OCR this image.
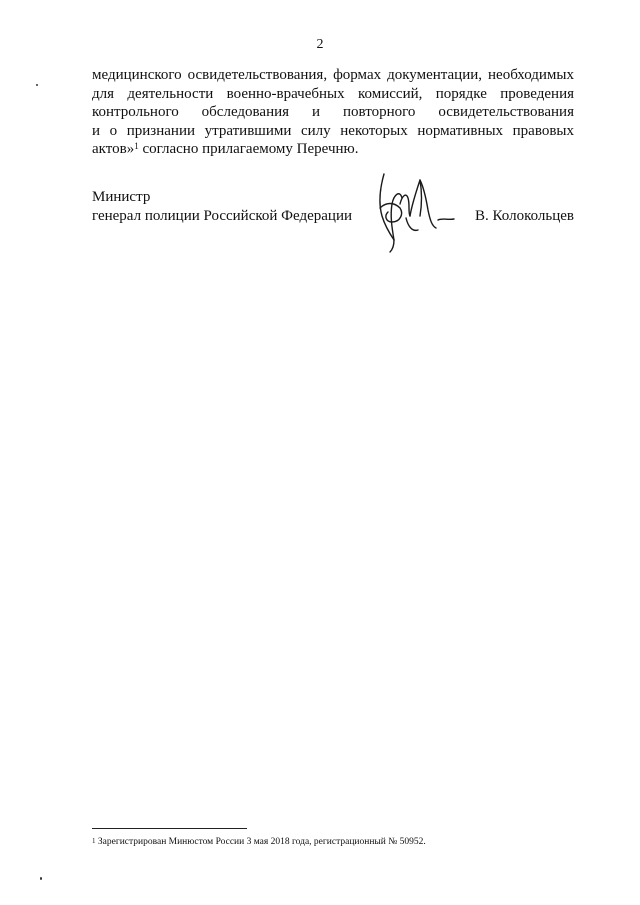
2
медицинского освидетельствования, формах документации, необходимых
для деятельности военно-врачебных комиссий, порядке проведения
контрольного обследования и повторного освидетельствования
и о признании утратившими силу некоторых нормативных правовых
актов»$^1$ согласно прилагаемому Перечню.
Министр
генерал полиции Российской Федерации	В. Колокольцев
$^1$ Зарегистрирован Минюстом России 3 мая 2018 года, регистрационный № 50952.
